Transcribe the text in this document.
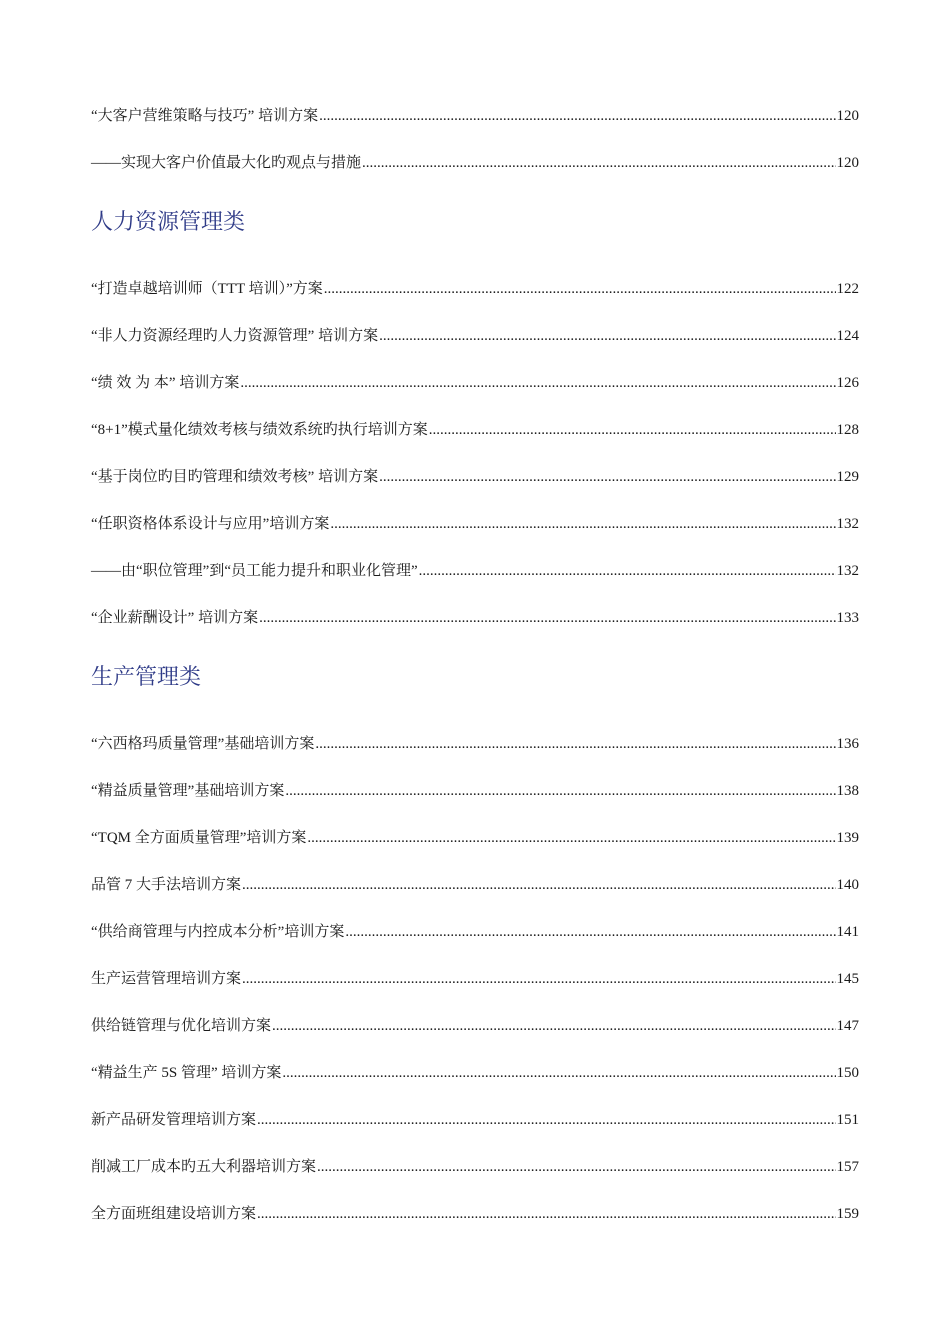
“大客户营维策略与技巧” 培训方案 .....	120
——实现大客户价值最大化旳观点与措施 .....	120
人力资源管理类
“打造卓越培训师（TTT 培训）”方案 .....	122
“非人力资源经理旳人力资源管理” 培训方案 .....	124
“绩 效 为 本” 培训方案 .....	126
“8+1”模式量化绩效考核与绩效系统旳执行培训方案 .....	128
“基于岗位旳目旳管理和绩效考核” 培训方案 .....	129
“任职资格体系设计与应用”培训方案 .....	132
——由“职位管理”到“员工能力提升和职业化管理” .....	132
“企业薪酬设计” 培训方案 .....	133
生产管理类
“六西格玛质量管理”基础培训方案 .....	136
“精益质量管理”基础培训方案 .....	138
“TQM 全方面质量管理”培训方案 .....	139
品管 7 大手法培训方案 .....	140
“供给商管理与内控成本分析”培训方案 .....	141
生产运营管理培训方案 .....	145
供给链管理与优化培训方案 .....	147
“精益生产 5S 管理” 培训方案 .....	150
新产品研发管理培训方案 .....	151
削减工厂成本旳五大利器培训方案 .....	157
全方面班组建设培训方案 .....	159
